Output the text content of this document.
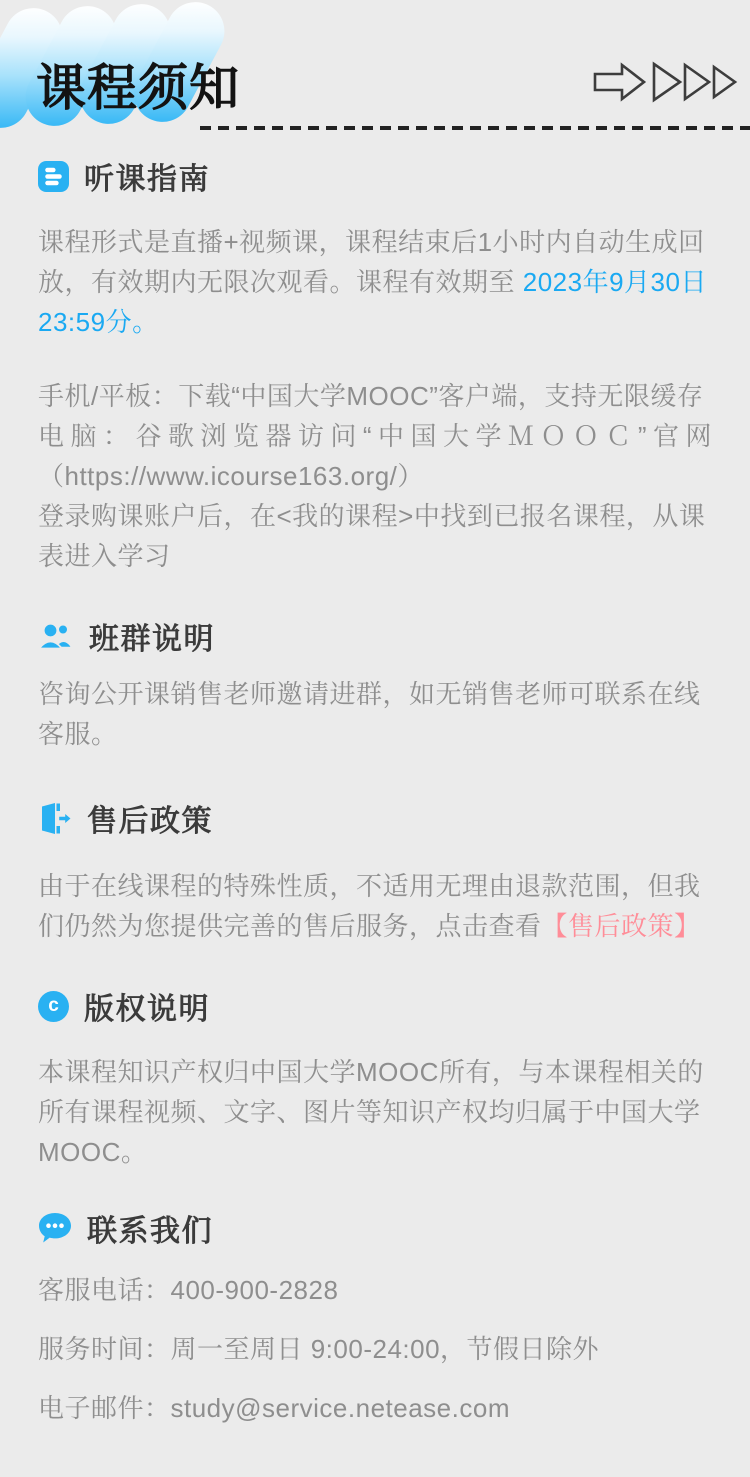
课程须知
听课指南

课程形式是直播+视频课，课程结束后1小时内自动生成回放，有效期内无限次观看。课程有效期至 2023年9月30日23:59分。

手机/平板：下载“中国大学MOOC”客户端，支持无限缓存
电脑：谷歌浏览器访问“中国大学ＭＯＯＣ”官网
（https://www.icourse163.org/）
登录购课账户后，在<我的课程>中找到已报名课程，从课表进入学习
班群说明

咨询公开课销售老师邀请进群，如无销售老师可联系在线客服。

售后政策

由于在线课程的特殊性质，不适用无理由退款范围，但我们仍然为您提供完善的售后服务，点击查看【售后政策】

c 版权说明

本课程知识产权归中国大学MOOC所有，与本课程相关的所有课程视频、文字、图片等知识产权均归属于中国大学MOOC。

联系我们
客服电话：400-900-2828
服务时间：周一至周日 9:00-24:00，节假日除外
电子邮件：study@service.netease.com
